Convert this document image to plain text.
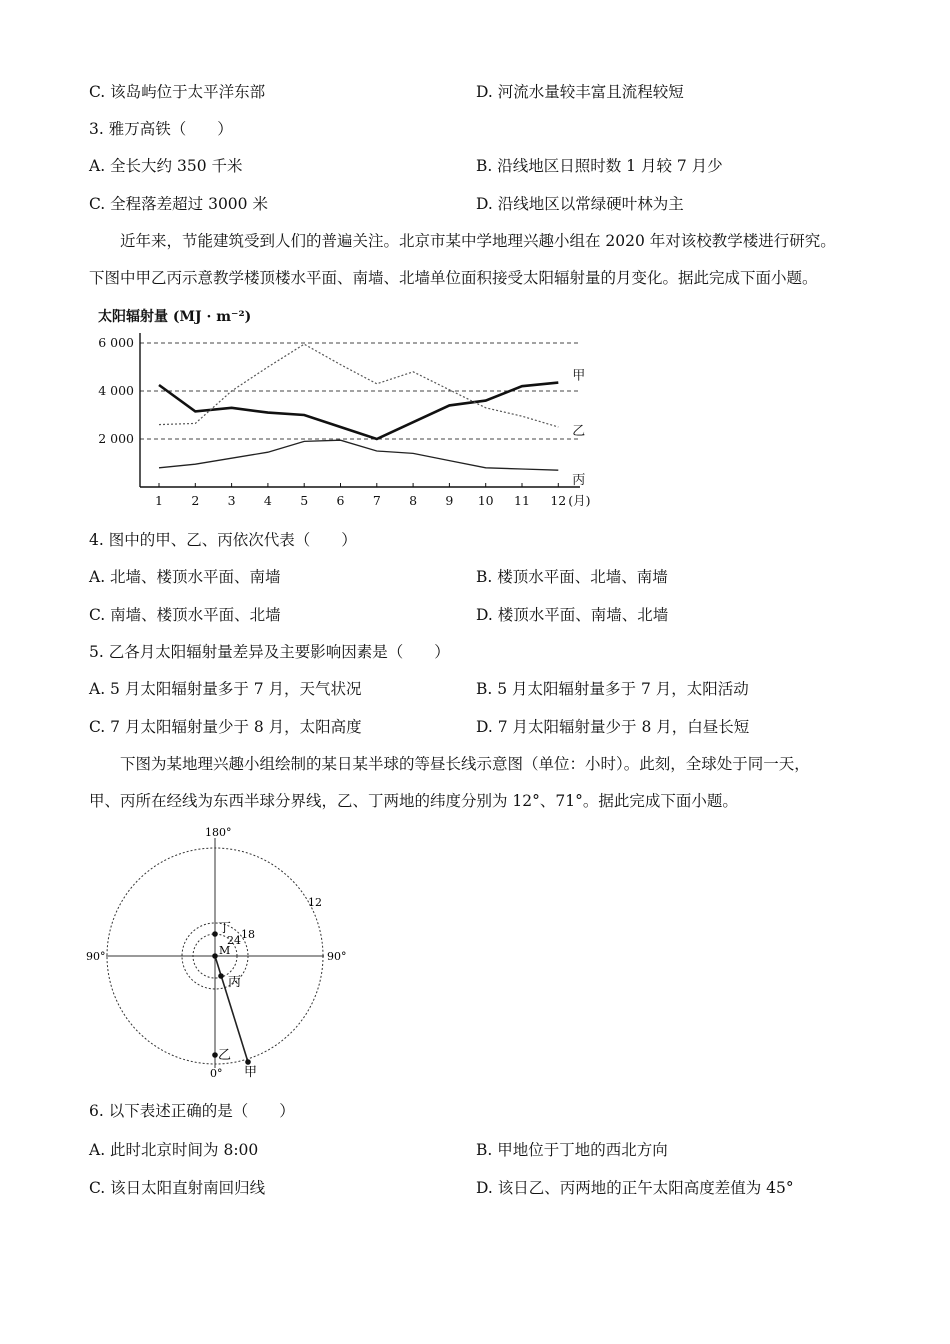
C. 该岛屿位于太平洋东部	D. 河流水量较丰富且流程较短
3. 雅万高铁（　　）
A. 全长大约 350 千米	B. 沿线地区日照时数 1 月较 7 月少
C. 全程落差超过 3000 米	D. 沿线地区以常绿硬叶林为主
近年来，节能建筑受到人们的普遍关注。北京市某中学地理兴趣小组在 2020 年对该校教学楼进行研究。
下图中甲乙丙示意教学楼顶楼水平面、南墙、北墙单位面积接受太阳辐射量的月变化。据此完成下面小题。
太阳辐射量 (MJ · m⁻²)
2 000
4 000
6 000
1 2 3 4 5 6 7 8 9 10 11 12 (月)
甲
乙
丙
4. 图中的甲、乙、丙依次代表（　　）
A. 北墙、楼顶水平面、南墙	B. 楼顶水平面、北墙、南墙
C. 南墙、楼顶水平面、北墙	D. 楼顶水平面、南墙、北墙
5. 乙各月太阳辐射量差异及主要影响因素是（　　）
A. 5 月太阳辐射量多于 7 月，天气状况	B. 5 月太阳辐射量多于 7 月，太阳活动
C. 7 月太阳辐射量少于 8 月，太阳高度	D. 7 月太阳辐射量少于 8 月，白昼长短
下图为某地理兴趣小组绘制的某日某半球的等昼长线示意图（单位：小时）。此刻，全球处于同一天，
甲、丙所在经线为东西半球分界线，乙、丁两地的纬度分别为 12°、71°。据此完成下面小题。
180°
90°	90°
0°
12
18
24
丁
M
丙
乙
甲
6. 以下表述正确的是（　　）
A. 此时北京时间为 8:00	B. 甲地位于丁地的西北方向
C. 该日太阳直射南回归线	D. 该日乙、丙两地的正午太阳高度差值为 45°
